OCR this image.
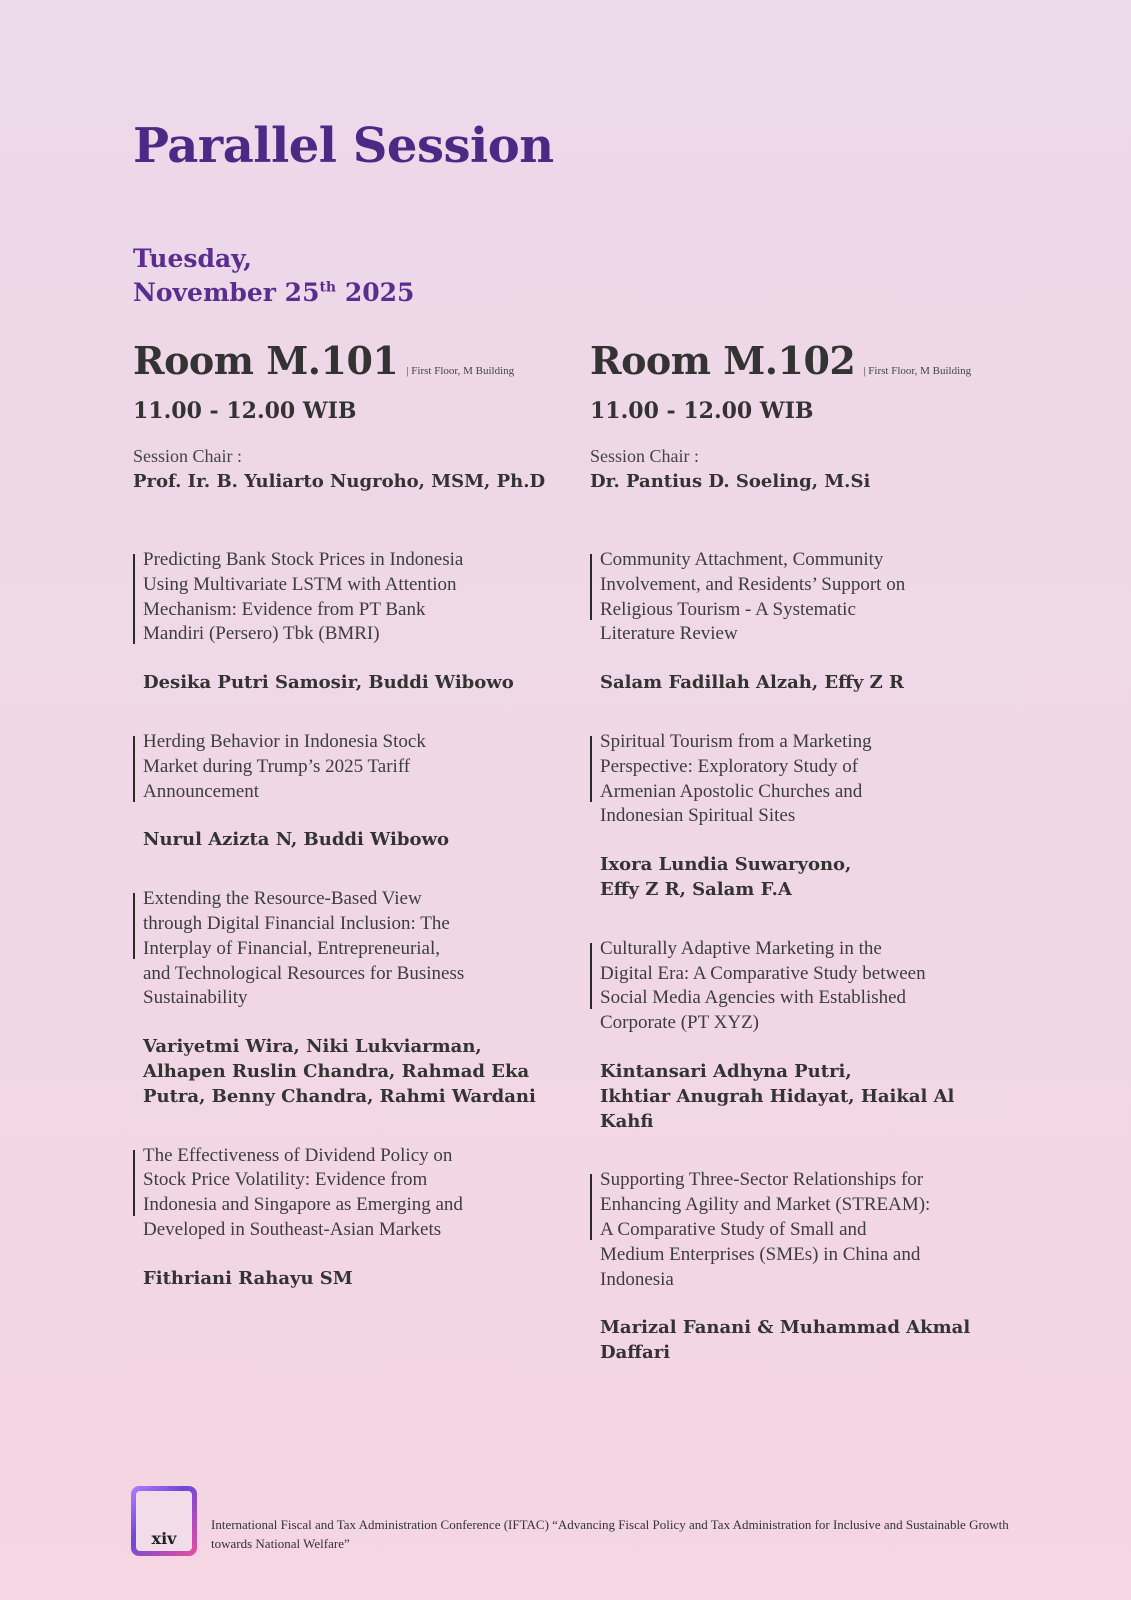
Parallel Session
Tuesday,
November 25th 2025
Room M.101 | First Floor, M Building
11.00 - 12.00 WIB
Session Chair :
Prof. Ir. B. Yuliarto Nugroho, MSM, Ph.D
Predicting Bank Stock Prices in Indonesia
Using Multivariate LSTM with Attention
Mechanism: Evidence from PT Bank
Mandiri (Persero) Tbk (BMRI)
Desika Putri Samosir, Buddi Wibowo
Herding Behavior in Indonesia Stock
Market during Trump’s 2025 Tariff
Announcement
Nurul Azizta N, Buddi Wibowo
Extending the Resource-Based View
through Digital Financial Inclusion: The
Interplay of Financial, Entrepreneurial,
and Technological Resources for Business
Sustainability
Variyetmi Wira, Niki Lukviarman,
Alhapen Ruslin Chandra, Rahmad Eka
Putra, Benny Chandra, Rahmi Wardani
The Effectiveness of Dividend Policy on
Stock Price Volatility: Evidence from
Indonesia and Singapore as Emerging and
Developed in Southeast-Asian Markets
Fithriani Rahayu SM
Room M.102 | First Floor, M Building
11.00 - 12.00 WIB
Session Chair :
Dr. Pantius D. Soeling, M.Si
Community Attachment, Community
Involvement, and Residents’ Support on
Religious Tourism - A Systematic
Literature Review
Salam Fadillah Alzah, Effy Z R
Spiritual Tourism from a Marketing
Perspective: Exploratory Study of
Armenian Apostolic Churches and
Indonesian Spiritual Sites
Ixora Lundia Suwaryono,
Effy Z R, Salam F.A
Culturally Adaptive Marketing in the
Digital Era: A Comparative Study between
Social Media Agencies with Established
Corporate (PT XYZ)
Kintansari Adhyna Putri,
Ikhtiar Anugrah Hidayat, Haikal Al
Kahfi
Supporting Three-Sector Relationships for
Enhancing Agility and Market (STREAM):
A Comparative Study of Small and
Medium Enterprises (SMEs) in China and
Indonesia
Marizal Fanani & Muhammad Akmal
Daffari
xiv
International Fiscal and Tax Administration Conference (IFTAC) “Advancing Fiscal Policy and Tax Administration for Inclusive and Sustainable Growth towards National Welfare”
